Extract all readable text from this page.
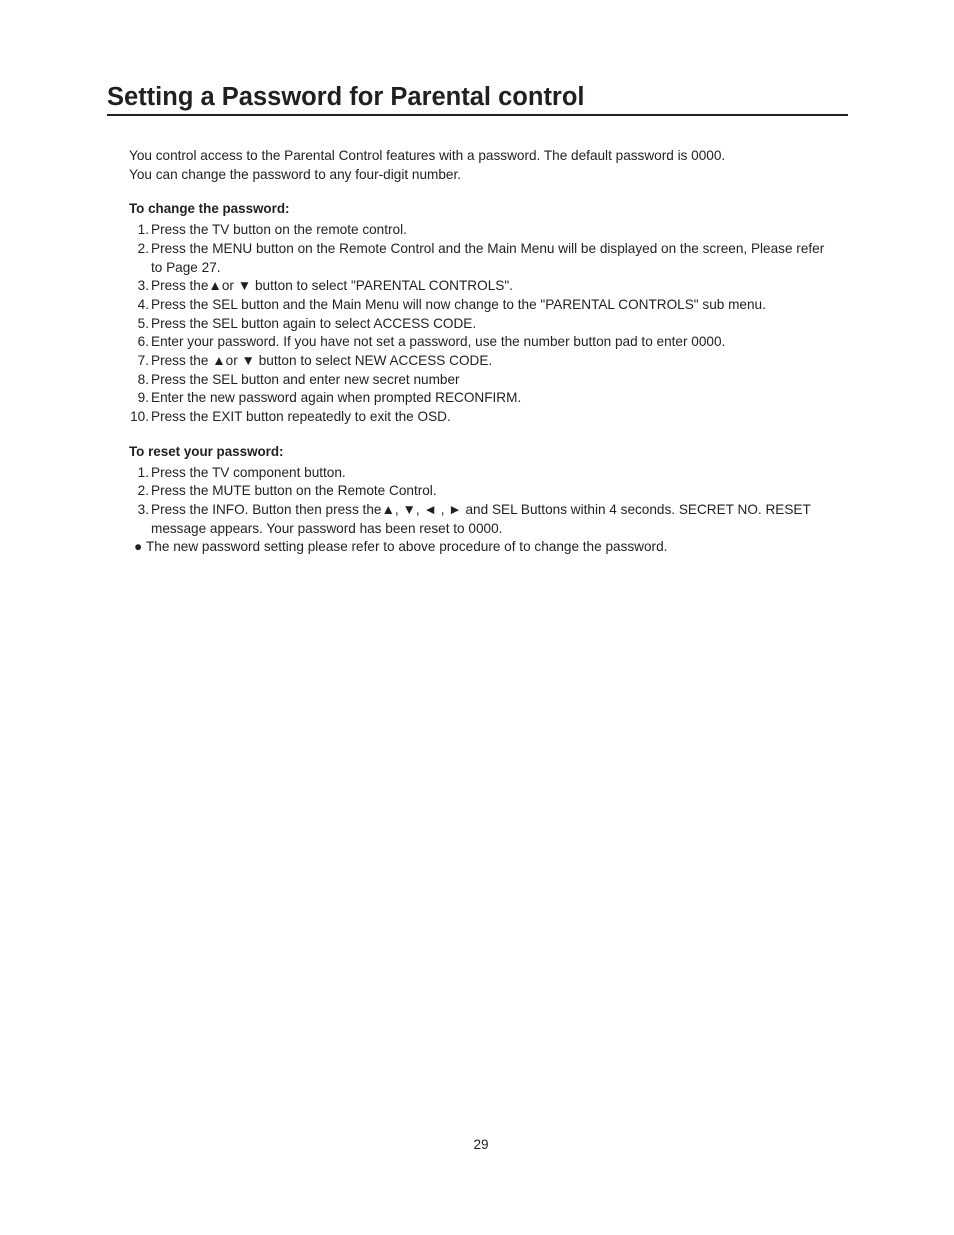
Setting a Password for Parental control

You control access to the Parental Control features with a password. The default password is 0000.
You can change the password to any four-digit number.

To change the password:
1. Press the TV button on the remote control.
2. Press the MENU button on the Remote Control and the Main Menu will be displayed on the screen, Please refer
to Page 27.
3. Press the▲or ▼ button to select "PARENTAL CONTROLS".
4. Press the SEL button and the Main Menu will now change to the "PARENTAL CONTROLS" sub menu.
5. Press the SEL button again to select ACCESS CODE.
6. Enter your password. If you have not set a password, use the number button pad to enter 0000.
7. Press the ▲or ▼ button to select NEW ACCESS CODE.
8. Press the SEL button and enter new secret number
9. Enter the new password again when prompted RECONFIRM.
10. Press the EXIT button repeatedly to exit the OSD.
To reset your password:
1. Press the TV component button.
2. Press the MUTE button on the Remote Control.
3. Press the INFO. Button then press the▲, ▼, ◄ , ► and SEL Buttons within 4 seconds. SECRET NO. RESET
message appears. Your password has been reset to 0000.

● The new password setting please refer to above procedure of to change the password.

29
